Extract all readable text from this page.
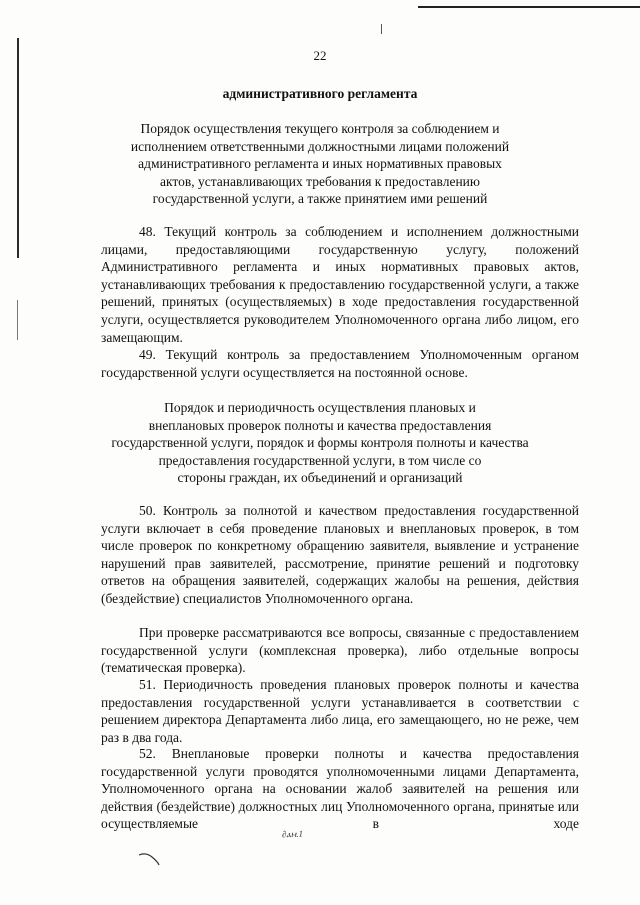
22
административного регламента
Порядок осуществления текущего контроля за соблюдением и
исполнением ответственными должностными лицами положений
административного регламента и иных нормативных правовых
актов, устанавливающих требования к предоставлению
государственной услуги, а также принятием ими решений
48. Текущий контроль за соблюдением и исполнением должностными лицами, предоставляющими государственную услугу, положений Административного регламента и иных нормативных правовых актов, устанавливающих требования к предоставлению государственной услуги, а также решений, принятых (осуществляемых) в ходе предоставления государственной услуги, осуществляется руководителем Уполномоченного органа либо лицом, его замещающим.
49. Текущий контроль за предоставлением Уполномоченным органом государственной услуги осуществляется на постоянной основе.
Порядок и периодичность осуществления плановых и
внеплановых проверок полноты и качества предоставления
государственной услуги, порядок и формы контроля полноты и качества
предоставления государственной услуги, в том числе со
стороны граждан, их объединений и организаций
50. Контроль за полнотой и качеством предоставления государственной услуги включает в себя проведение плановых и внеплановых проверок, в том числе проверок по конкретному обращению заявителя, выявление и устранение нарушений прав заявителей, рассмотрение, принятие решений и подготовку ответов на обращения заявителей, содержащих жалобы на решения, действия (бездействие) специалистов Уполномоченного органа.
При проверке рассматриваются все вопросы, связанные с предоставлением государственной услуги (комплексная проверка), либо отдельные вопросы (тематическая проверка).
51. Периодичность проведения плановых проверок полноты и качества предоставления государственной услуги устанавливается в соответствии с решением директора Департамента либо лица, его замещающего, но не реже, чем раз в два года.
52. Внеплановые проверки полноты и качества предоставления государственной услуги проводятся уполномоченными лицами Департамента, Уполномоченного органа на основании жалоб заявителей на решения или действия (бездействие) должностных лиц Уполномоченного органа, принятые или осуществляемые в ходе
∂ⲁⲙ.1
